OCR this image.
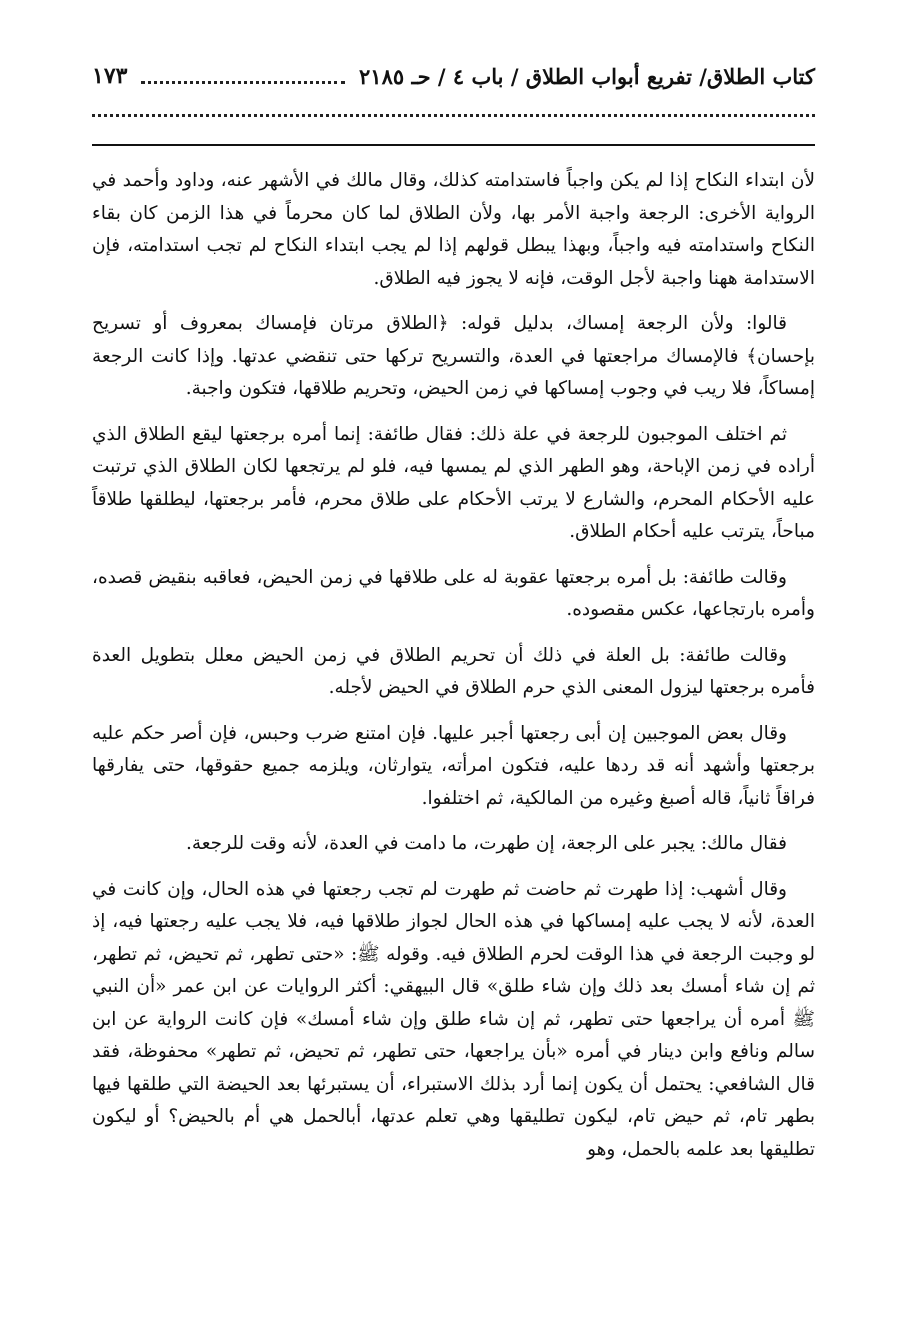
كتاب الطلاق/ تفريع أبواب الطلاق / باب ٤ / حـ ٢١٨٥
١٧٣

لأن ابتداء النكاح إذا لم يكن واجباً فاستدامته كذلك، وقال مالك في الأشهر عنه، وداود وأحمد في الرواية الأخرى: الرجعة واجبة الأمر بها، ولأن الطلاق لما كان محرماً في هذا الزمن كان بقاء النكاح واستدامته فيه واجباً، وبهذا يبطل قولهم إذا لم يجب ابتداء النكاح لم تجب استدامته، فإن الاستدامة ههنا واجبة لأجل الوقت، فإنه لا يجوز فيه الطلاق.

قالوا: ولأن الرجعة إمساك، بدليل قوله: ﴿الطلاق مرتان فإمساك بمعروف أو تسريح بإحسان﴾ فالإمساك مراجعتها في العدة، والتسريح تركها حتى تنقضي عدتها. وإذا كانت الرجعة إمساكاً، فلا ريب في وجوب إمساكها في زمن الحيض، وتحريم طلاقها، فتكون واجبة.

ثم اختلف الموجبون للرجعة في علة ذلك: فقال طائفة: إنما أمره برجعتها ليقع الطلاق الذي أراده في زمن الإباحة، وهو الطهر الذي لم يمسها فيه، فلو لم يرتجعها لكان الطلاق الذي ترتبت عليه الأحكام المحرم، والشارع لا يرتب الأحكام على طلاق محرم، فأمر برجعتها، ليطلقها طلاقاً مباحاً، يترتب عليه أحكام الطلاق.

وقالت طائفة: بل أمره برجعتها عقوبة له على طلاقها في زمن الحيض، فعاقبه بنقيض قصده، وأمره بارتجاعها، عكس مقصوده.

وقالت طائفة: بل العلة في ذلك أن تحريم الطلاق في زمن الحيض معلل بتطويل العدة فأمره برجعتها ليزول المعنى الذي حرم الطلاق في الحيض لأجله.

وقال بعض الموجبين إن أبى رجعتها أجبر عليها. فإن امتنع ضرب وحبس، فإن أصر حكم عليه برجعتها وأشهد أنه قد ردها عليه، فتكون امرأته، يتوارثان، ويلزمه جميع حقوقها، حتى يفارقها فراقاً ثانياً، قاله أصبغ وغيره من المالكية، ثم اختلفوا.

فقال مالك: يجبر على الرجعة، إن طهرت، ما دامت في العدة، لأنه وقت للرجعة.

وقال أشهب: إذا طهرت ثم حاضت ثم طهرت لم تجب رجعتها في هذه الحال، وإن كانت في العدة، لأنه لا يجب عليه إمساكها في هذه الحال لجواز طلاقها فيه، فلا يجب عليه رجعتها فيه، إذ لو وجبت الرجعة في هذا الوقت لحرم الطلاق فيه. وقوله ﷺ: «حتى تطهر، ثم تحيض، ثم تطهر، ثم إن شاء أمسك بعد ذلك وإن شاء طلق» قال البيهقي: أكثر الروايات عن ابن عمر «أن النبي ﷺ أمره أن يراجعها حتى تطهر، ثم إن شاء طلق وإن شاء أمسك» فإن كانت الرواية عن ابن سالم ونافع وابن دينار في أمره «بأن يراجعها، حتى تطهر، ثم تحيض، ثم تطهر» محفوظة، فقد قال الشافعي: يحتمل أن يكون إنما أرد بذلك الاستبراء، أن يستبرئها بعد الحيضة التي طلقها فيها بطهر تام، ثم حيض تام، ليكون تطليقها وهي تعلم عدتها، أبالحمل هي أم بالحيض؟ أو ليكون تطليقها بعد علمه بالحمل، وهو
